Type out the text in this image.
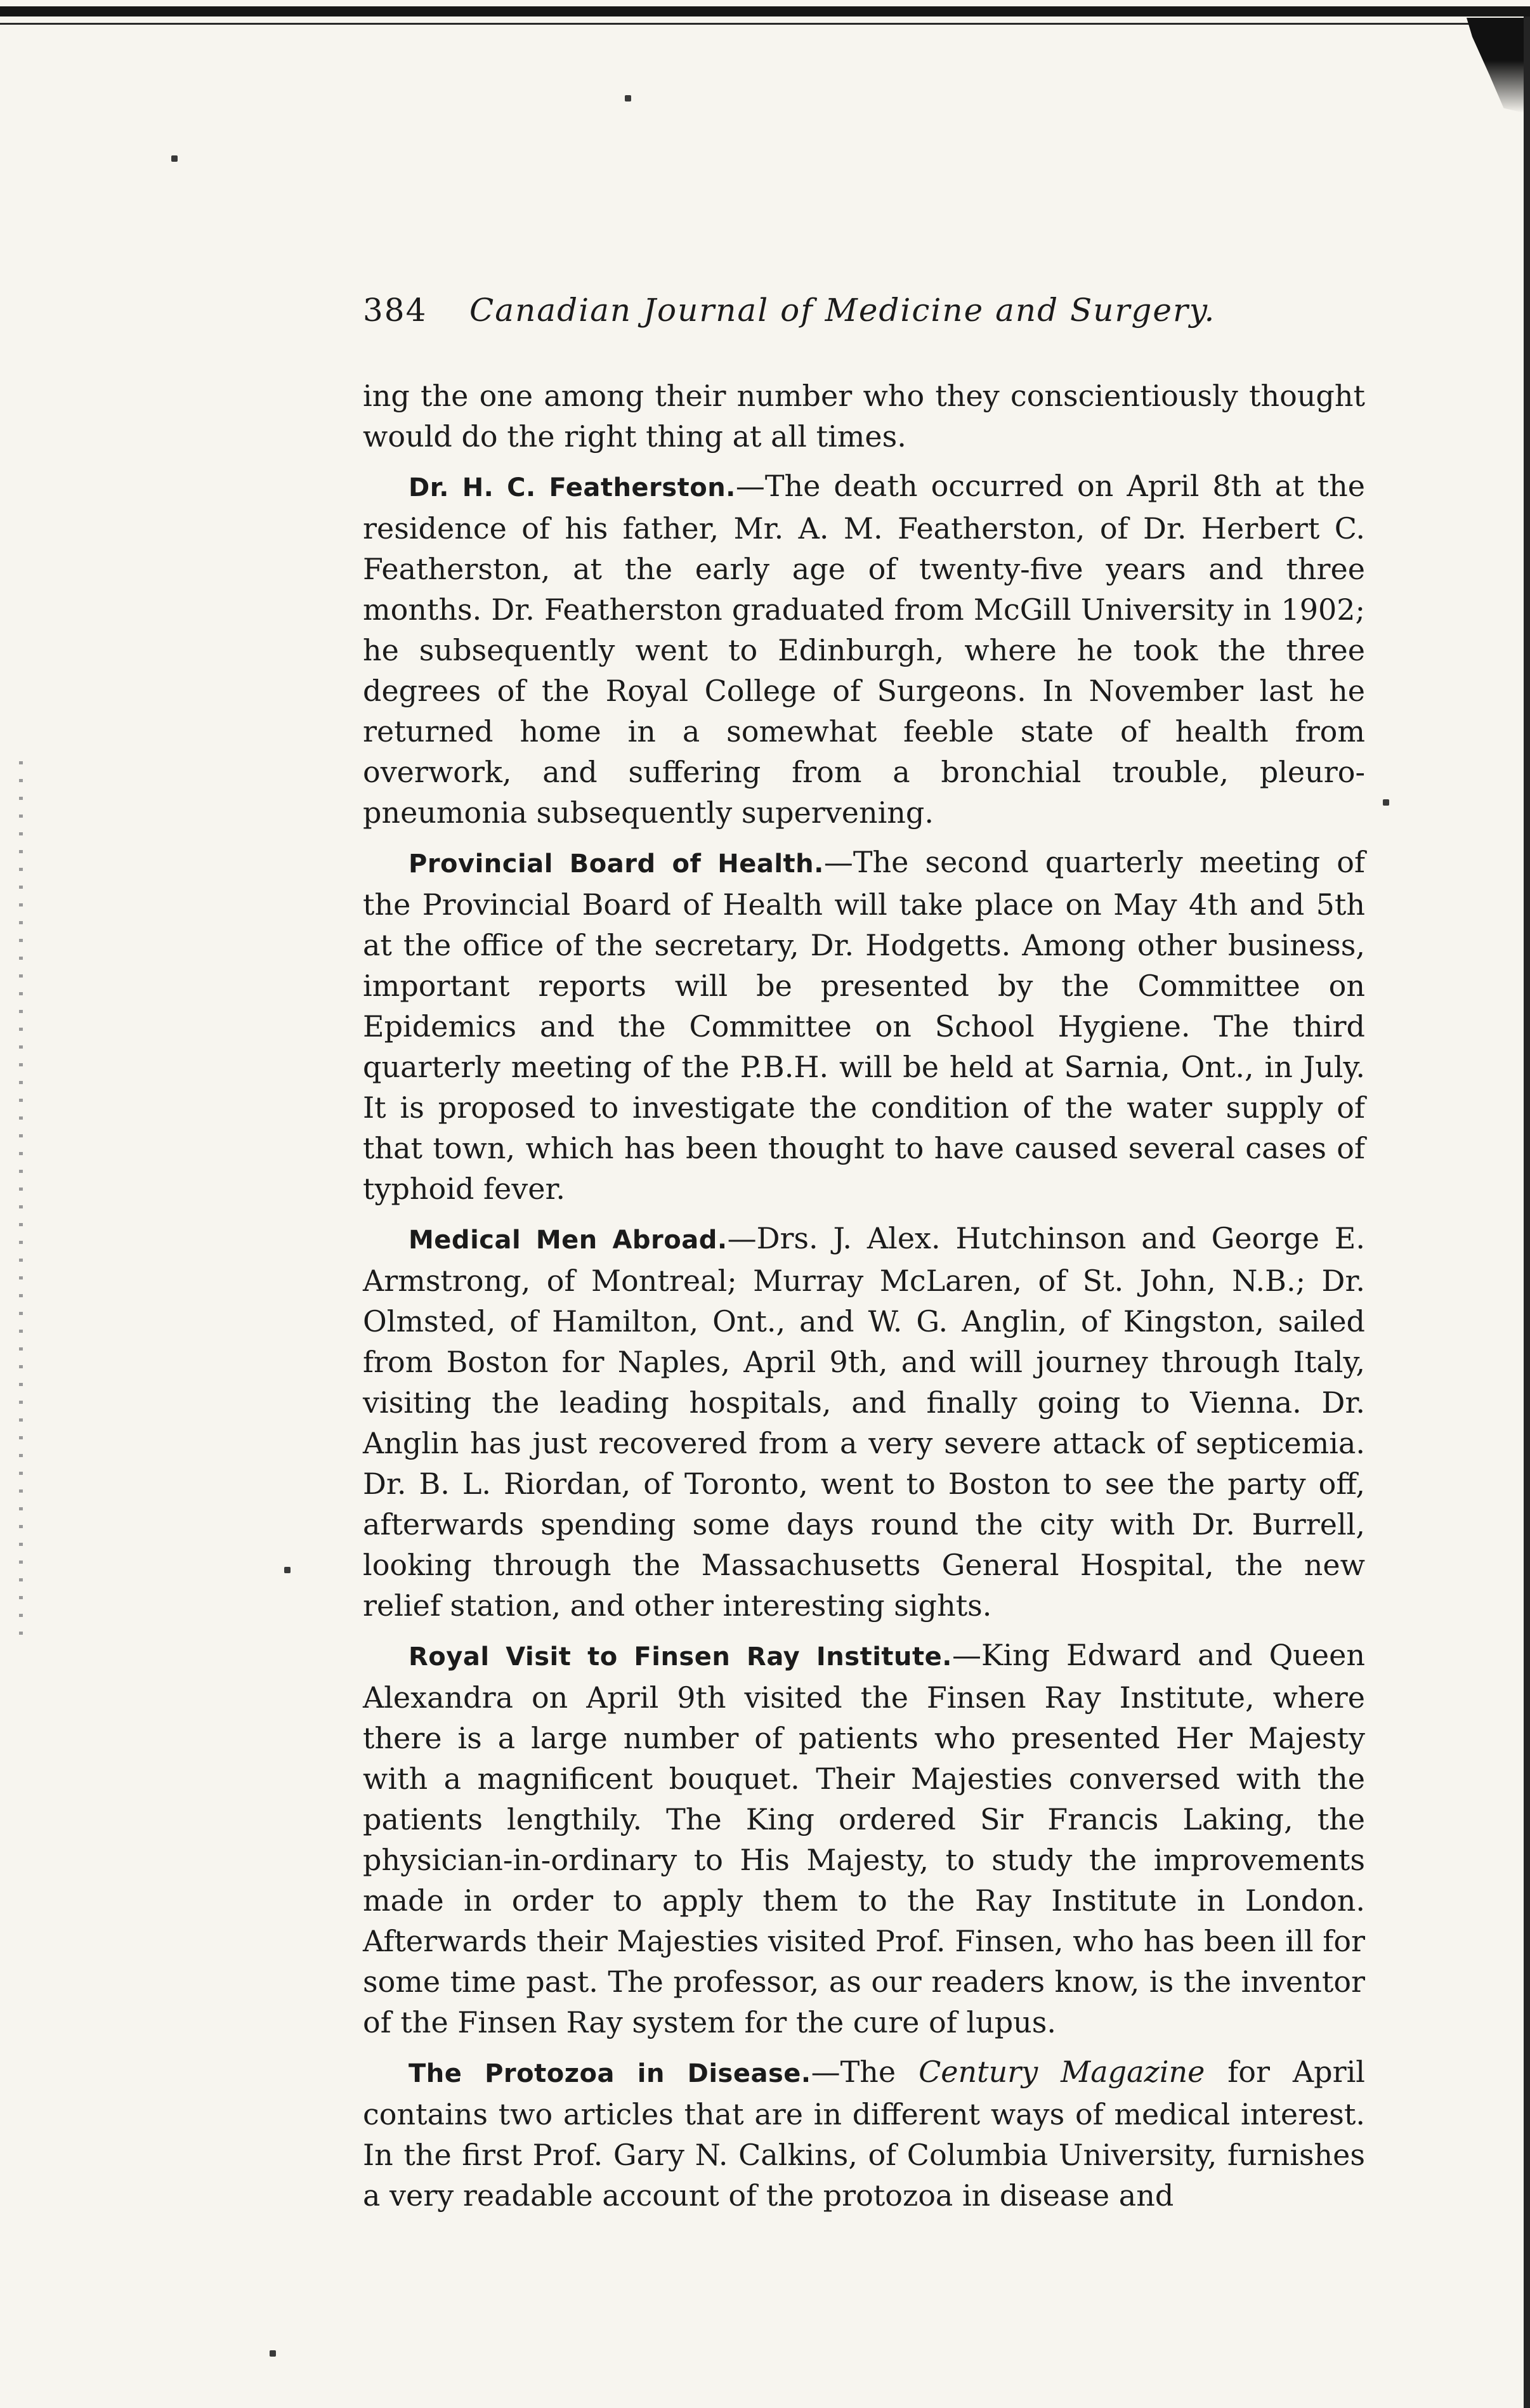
384	Canadian Journal of Medicine and Surgery.

ing the one among their number who they conscientiously thought would do the right thing at all times.

Dr. H. C. Featherston.—The death occurred on April 8th at the residence of his father, Mr. A. M. Featherston, of Dr. Herbert C. Featherston, at the early age of twenty-five years and three months. Dr. Featherston graduated from McGill University in 1902; he subsequently went to Edinburgh, where he took the three degrees of the Royal College of Surgeons. In November last he returned home in a somewhat feeble state of health from overwork, and suffering from a bronchial trouble, pleuro-pneumonia subsequently supervening.

Provincial Board of Health.—The second quarterly meeting of the Provincial Board of Health will take place on May 4th and 5th at the office of the secretary, Dr. Hodgetts. Among other business, important reports will be presented by the Committee on Epidemics and the Committee on School Hygiene. The third quarterly meeting of the P.B.H. will be held at Sarnia, Ont., in July. It is proposed to investigate the condition of the water supply of that town, which has been thought to have caused several cases of typhoid fever.

Medical Men Abroad.—Drs. J. Alex. Hutchinson and George E. Armstrong, of Montreal; Murray McLaren, of St. John, N.B.; Dr. Olmsted, of Hamilton, Ont., and W. G. Anglin, of Kingston, sailed from Boston for Naples, April 9th, and will journey through Italy, visiting the leading hospitals, and finally going to Vienna. Dr. Anglin has just recovered from a very severe attack of septicemia. Dr. B. L. Riordan, of Toronto, went to Boston to see the party off, afterwards spending some days round the city with Dr. Burrell, looking through the Massachusetts General Hospital, the new relief station, and other interesting sights.

Royal Visit to Finsen Ray Institute.—King Edward and Queen Alexandra on April 9th visited the Finsen Ray Institute, where there is a large number of patients who presented Her Majesty with a magnificent bouquet. Their Majesties conversed with the patients lengthily. The King ordered Sir Francis Laking, the physician-in-ordinary to His Majesty, to study the improvements made in order to apply them to the Ray Institute in London. Afterwards their Majesties visited Prof. Finsen, who has been ill for some time past. The professor, as our readers know, is the inventor of the Finsen Ray system for the cure of lupus.

The Protozoa in Disease.—The Century Magazine for April contains two articles that are in different ways of medical interest. In the first Prof. Gary N. Calkins, of Columbia University, furnishes a very readable account of the protozoa in disease and
